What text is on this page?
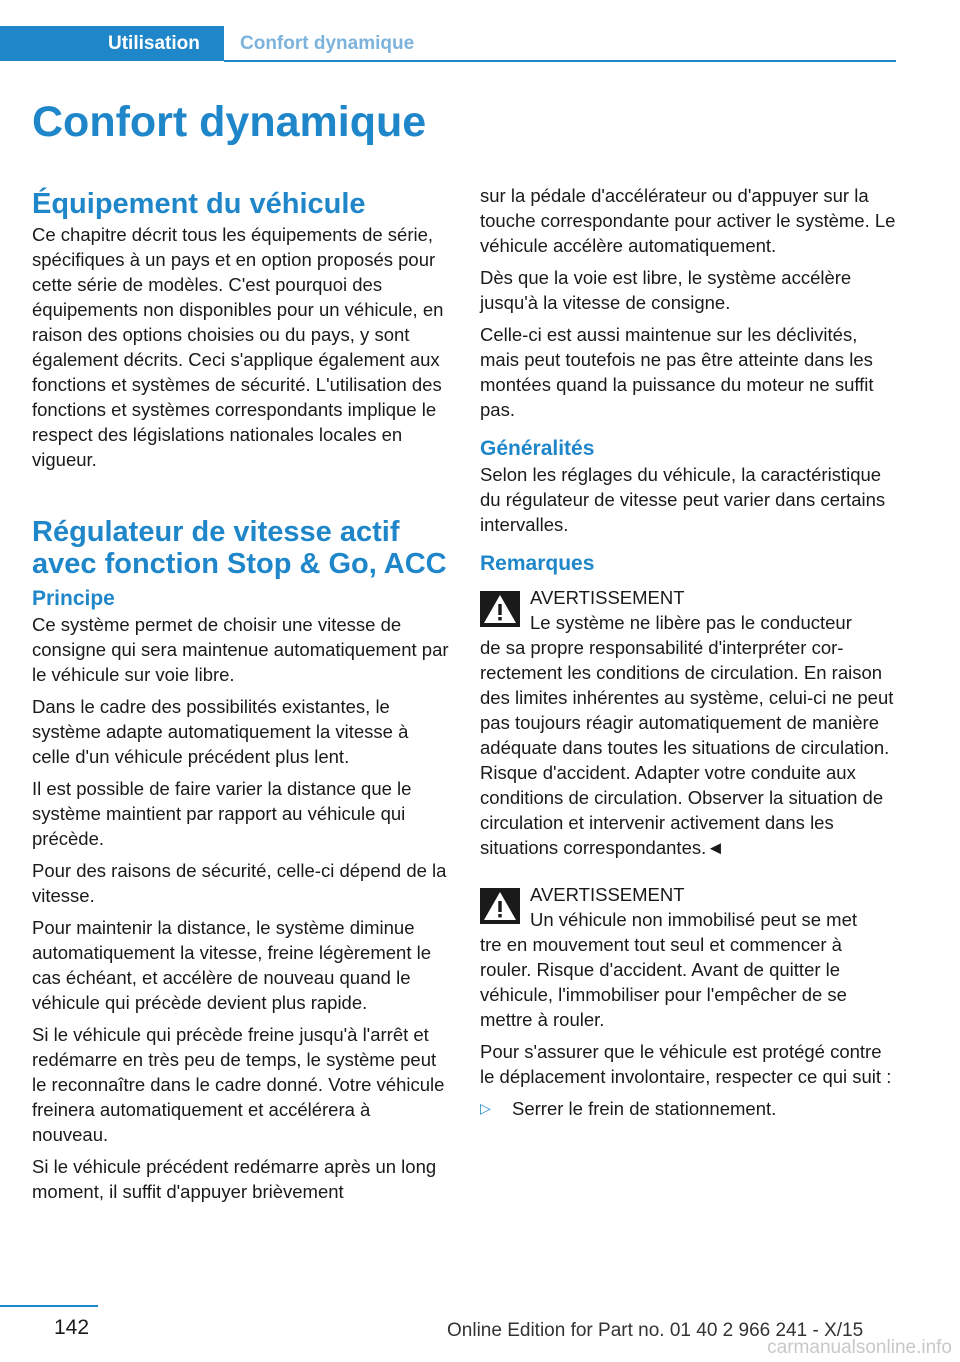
Utilisation	Confort dynamique
Confort dynamique
Équipement du véhicule

Ce chapitre décrit tous les équipements de série, spécifiques à un pays et en option proposés pour cette série de modèles. C'est pourquoi des équipements non disponibles pour un véhicule, en raison des options choisies ou du pays, y sont également décrits. Ceci s'applique également aux fonctions et systèmes de sécurité. L'utilisation des fonctions et systèmes correspondants implique le respect des législations nationales locales en vigueur.

Régulateur de vitesse actif avec fonction Stop & Go, ACC
Principe

Ce système permet de choisir une vitesse de consigne qui sera maintenue automatiquement par le véhicule sur voie libre.

Dans le cadre des possibilités existantes, le système adapte automatiquement la vitesse à celle d'un véhicule précédent plus lent.

Il est possible de faire varier la distance que le système maintient par rapport au véhicule qui précède.

Pour des raisons de sécurité, celle-ci dépend de la vitesse.

Pour maintenir la distance, le système diminue automatiquement la vitesse, freine légèrement le cas échéant, et accélère de nouveau quand le véhicule qui précède devient plus rapide.

Si le véhicule qui précède freine jusqu'à l'arrêt et redémarre en très peu de temps, le système peut le reconnaître dans le cadre donné. Votre véhicule freinera automatiquement et accélérera à nouveau.

Si le véhicule précédent redémarre après un long moment, il suffit d'appuyer brièvement

sur la pédale d'accélérateur ou d'appuyer sur la touche correspondante pour activer le système. Le véhicule accélère automatiquement.

Dès que la voie est libre, le système accélère jusqu'à la vitesse de consigne.

Celle-ci est aussi maintenue sur les déclivités, mais peut toutefois ne pas être atteinte dans les montées quand la puissance du moteur ne suffit pas.

Généralités

Selon les réglages du véhicule, la caractéristique du régulateur de vitesse peut varier dans certains intervalles.

Remarques
AVERTISSEMENT
Le système ne libère pas le conducteur

de sa propre responsabilité d'interpréter correctement les conditions de circulation. En raison des limites inhérentes au système, celui-ci ne peut pas toujours réagir automatiquement de manière adéquate dans toutes les situations de circulation. Risque d'accident. Adapter votre conduite aux conditions de circulation. Observer la situation de circulation et intervenir activement dans les situations correspondantes.◄

AVERTISSEMENT
Un véhicule non immobilisé peut se met

tre en mouvement tout seul et commencer à rouler. Risque d'accident. Avant de quitter le véhicule, l'immobiliser pour l'empêcher de se mettre à rouler.

Pour s'assurer que le véhicule est protégé contre le déplacement involontaire, respecter ce qui suit :

▷	Serrer le frein de stationnement.
142	Online Edition for Part no. 01 40 2 966 241 - X/15
carmanualsonline.info
